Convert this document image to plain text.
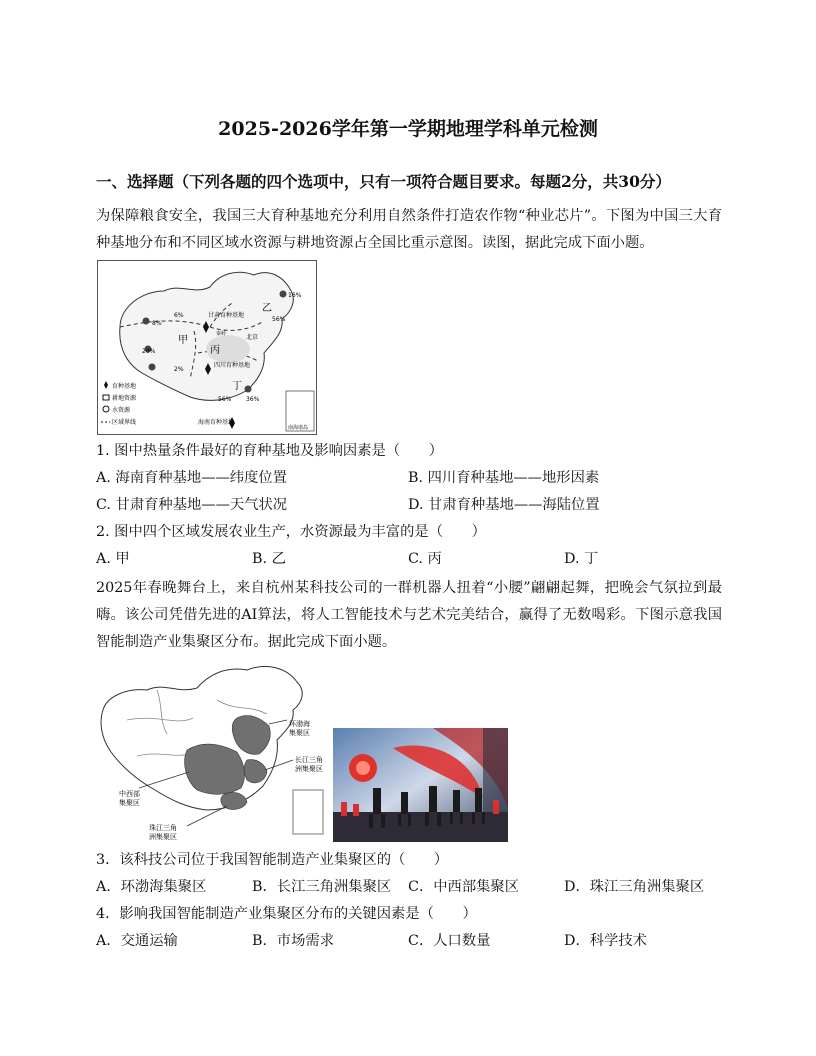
2025-2026学年第一学期地理学科单元检测
一、选择题（下列各题的四个选项中，只有一项符合题目要求。每题2分，共30分）
为保障粮食安全，我国三大育种基地充分利用自然条件打造农作物“种业芯片”。下图为中国三大育种基地分布和不同区域水资源与耕地资源占全国比重示意图。读图，据此完成下面小题。
甘肃育种基地
四川育种基地
海南育种基地
北京
秦岭
甲
乙
丙
丁
16%
56%
6%
8%
20%
2%
56% 36%
育种基地
耕地资源
水资源
区域界线
南海诸岛
1. 图中热量条件最好的育种基地及影响因素是（　　）
A. 海南育种基地——纬度位置	B. 四川育种基地——地形因素
C. 甘肃育种基地——天气状况	D. 甘肃育种基地——海陆位置
2. 图中四个区域发展农业生产，水资源最为丰富的是（　　）
A. 甲	B. 乙	C. 丙	D. 丁
2025年春晚舞台上，来自杭州某科技公司的一群机器人扭着“小腰”翩翩起舞，把晚会气氛拉到最嗨。该公司凭借先进的AI算法，将人工智能技术与艺术完美结合，赢得了无数喝彩。下图示意我国智能制造产业集聚区分布。据此完成下面小题。
环渤海 集聚区
长江三角 洲集聚区
中西部 集聚区
珠江三角 洲集聚区
3．该科技公司位于我国智能制造产业集聚区的（　　）
A．环渤海集聚区	B．长江三角洲集聚区 C．中西部集聚区	D．珠江三角洲集聚区
4．影响我国智能制造产业集聚区分布的关键因素是（　　）
A．交通运输	B．市场需求	C．人口数量	D．科学技术
